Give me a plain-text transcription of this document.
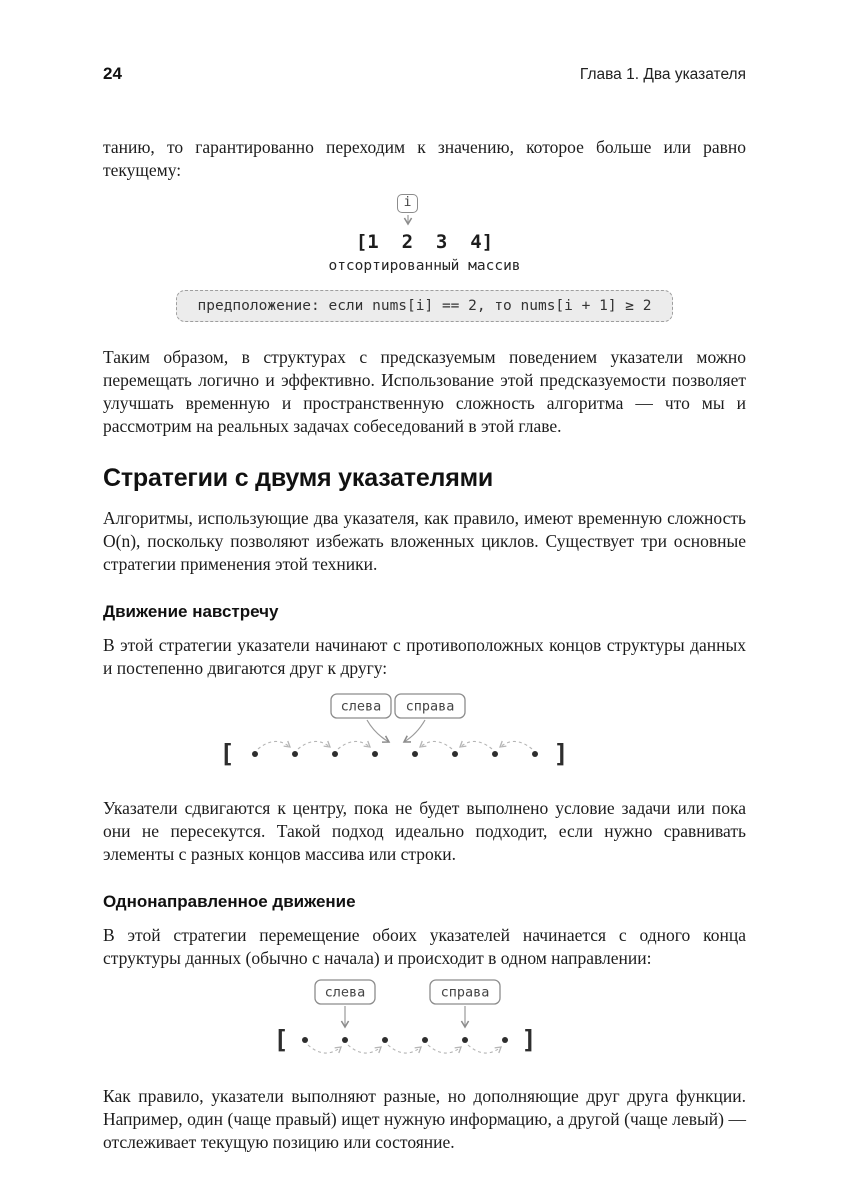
24	Глава 1. Два указателя

танию, то гарантированно переходим к значению, которое больше или равно текущему:

i
[1  2  3  4]
отсортированный массив
предположение: если nums[i] == 2, то nums[i + 1] ≥ 2

Таким образом, в структурах с предсказуемым поведением указатели можно перемещать логично и эффективно. Использование этой предсказуемости позволяет улучшать временную и пространственную сложность алгоритма — что мы и рассмотрим на реальных задачах собеседований в этой главе.

Стратегии с двумя указателями

Алгоритмы, использующие два указателя, как правило, имеют временную сложность O(n), поскольку позволяют избежать вложенных циклов. Существует три основные стратегии применения этой техники.

Движение навстречу

В этой стратегии указатели начинают с противоположных концов структуры данных и постепенно двигаются друг к другу:

слева справа
[	]

Указатели сдвигаются к центру, пока не будет выполнено условие задачи или пока они не пересекутся. Такой подход идеально подходит, если нужно сравнивать элементы с разных концов массива или строки.

Однонаправленное движение

В этой стратегии перемещение обоих указателей начинается с одного конца структуры данных (обычно с начала) и происходит в одном направлении:

слева	справа
[	]

Как правило, указатели выполняют разные, но дополняющие друг друга функции. Например, один (чаще правый) ищет нужную информацию, а другой (чаще левый) — отслеживает текущую позицию или состояние.
